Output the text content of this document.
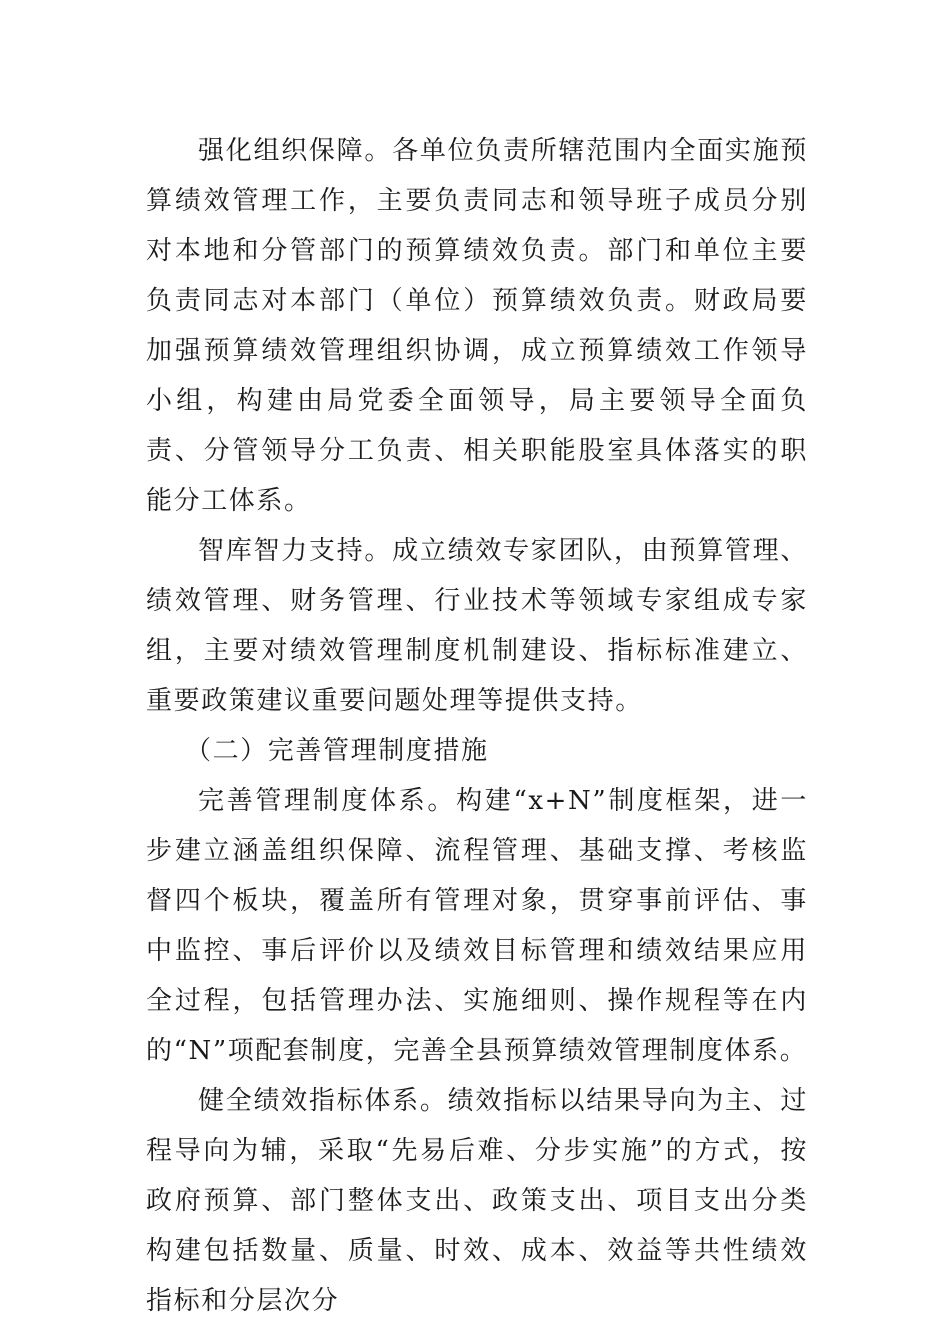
强化组织保障。各单位负责所辖范围内全面实施预算绩效管理工作，主要负责同志和领导班子成员分别对本地和分管部门的预算绩效负责。部门和单位主要负责同志对本部门（单位）预算绩效负责。财政局要加强预算绩效管理组织协调，成立预算绩效工作领导小组，构建由局党委全面领导，局主要领导全面负责、分管领导分工负责、相关职能股室具体落实的职能分工体系。

智库智力支持。成立绩效专家团队，由预算管理、绩效管理、财务管理、行业技术等领域专家组成专家组，主要对绩效管理制度机制建设、指标标准建立、重要政策建议重要问题处理等提供支持。

（二）完善管理制度措施

完善管理制度体系。构建“x+N”制度框架，进一步建立涵盖组织保障、流程管理、基础支撑、考核监督四个板块，覆盖所有管理对象，贯穿事前评估、事中监控、事后评价以及绩效目标管理和绩效结果应用全过程，包括管理办法、实施细则、操作规程等在内的“N”项配套制度，完善全县预算绩效管理制度体系。

健全绩效指标体系。绩效指标以结果导向为主、过程导向为辅，采取“先易后难、分步实施”的方式，按政府预算、部门整体支出、政策支出、项目支出分类构建包括数量、质量、时效、成本、效益等共性绩效指标和分层次分
